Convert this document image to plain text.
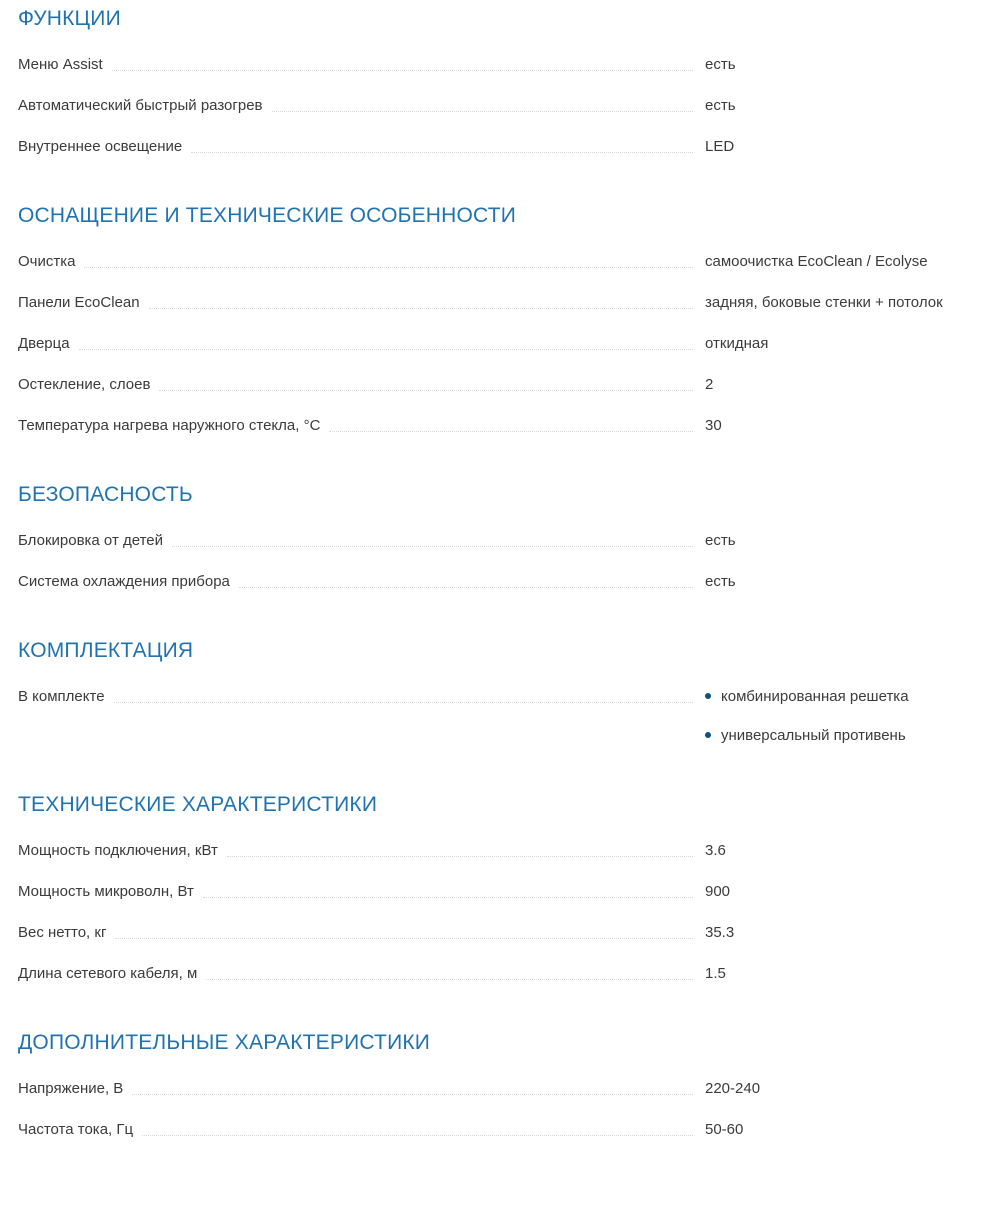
ФУНКЦИИ
Меню Assist	есть
Автоматический быстрый разогрев	есть
Внутреннее освещение	LED
ОСНАЩЕНИЕ И ТЕХНИЧЕСКИЕ ОСОБЕННОСТИ
Очистка	самоочистка EcoClean / Ecolyse
Панели EcoClean	задняя, боковые стенки + потолок
Дверца	откидная
Остекление, слоев	2
Температура нагрева наружного стекла, °С	30
БЕЗОПАСНОСТЬ
Блокировка от детей	есть
Система охлаждения прибора	есть
КОМПЛЕКТАЦИЯ
В комплекте	комбинированная решетка
универсальный противень
ТЕХНИЧЕСКИЕ ХАРАКТЕРИСТИКИ
Мощность подключения, кВт	3.6
Мощность микроволн, Вт	900
Вес нетто, кг	35.3
Длина сетевого кабеля, м	1.5
ДОПОЛНИТЕЛЬНЫЕ ХАРАКТЕРИСТИКИ
Напряжение, В	220-240
Частота тока, Гц	50-60
